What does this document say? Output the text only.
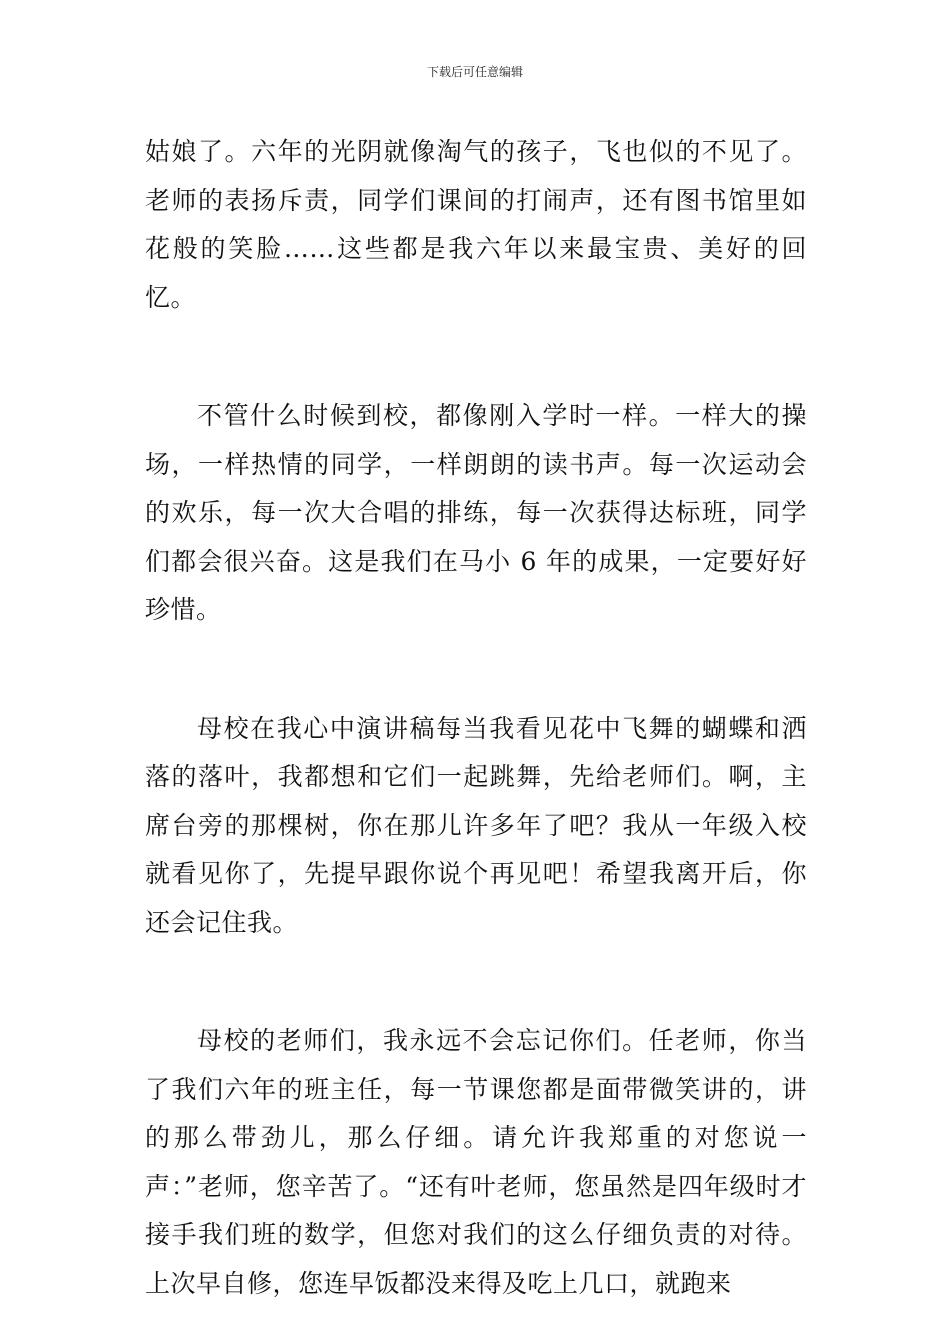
下载后可任意编辑

姑娘了。六年的光阴就像淘气的孩子，飞也似的不见了。老师的表扬斥责，同学们课间的打闹声，还有图书馆里如花般的笑脸……这些都是我六年以来最宝贵、美好的回忆。

不管什么时候到校，都像刚入学时一样。一样大的操场，一样热情的同学，一样朗朗的读书声。每一次运动会的欢乐，每一次大合唱的排练，每一次获得达标班，同学们都会很兴奋。这是我们在马小 6 年的成果，一定要好好珍惜。

母校在我心中演讲稿每当我看见花中飞舞的蝴蝶和洒落的落叶，我都想和它们一起跳舞，先给老师们。啊，主席台旁的那棵树，你在那儿许多年了吧？我从一年级入校就看见你了，先提早跟你说个再见吧！希望我离开后，你还会记住我。

母校的老师们，我永远不会忘记你们。任老师，你当了我们六年的班主任，每一节课您都是面带微笑讲的，讲的那么带劲儿，那么仔细。请允许我郑重的对您说一声：”老师，您辛苦了。“还有叶老师，您虽然是四年级时才接手我们班的数学，但您对我们的这么仔细负责的对待。上次早自修，您连早饭都没来得及吃上几口，就跑来
